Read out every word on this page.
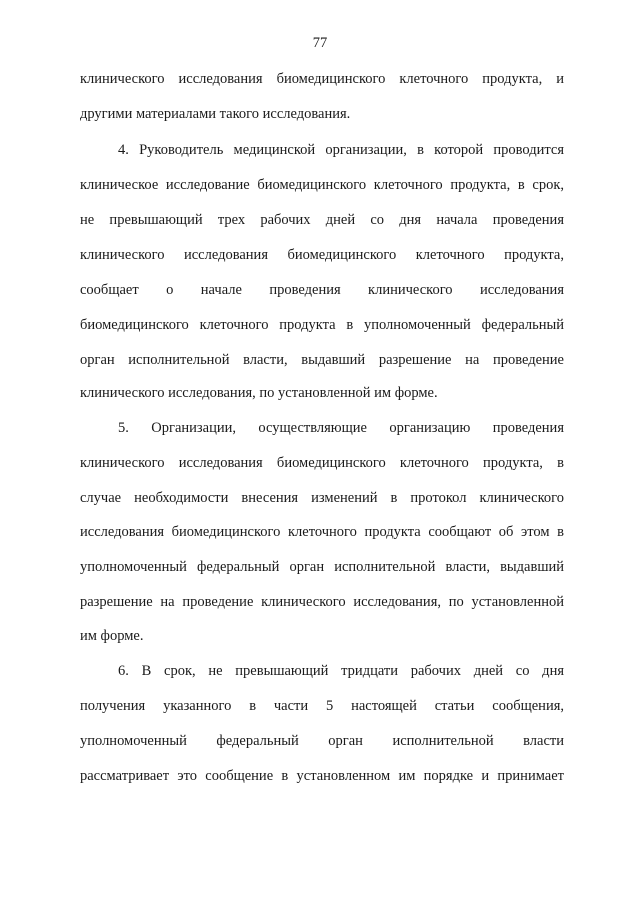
77
клинического исследования биомедицинского клеточного продукта, и
другими материалами такого исследования.
4. Руководитель медицинской организации, в которой проводится
клиническое исследование биомедицинского клеточного продукта, в срок,
не превышающий трех рабочих дней со дня начала проведения
клинического исследования биомедицинского клеточного продукта,
сообщает о начале проведения клинического исследования
биомедицинского клеточного продукта в уполномоченный федеральный
орган исполнительной власти, выдавший разрешение на проведение
клинического исследования, по установленной им форме.
5. Организации, осуществляющие организацию проведения
клинического исследования биомедицинского клеточного продукта, в
случае необходимости внесения изменений в протокол клинического
исследования биомедицинского клеточного продукта сообщают об этом в
уполномоченный федеральный орган исполнительной власти, выдавший
разрешение на проведение клинического исследования, по установленной
им форме.
6. В срок, не превышающий тридцати рабочих дней со дня
получения указанного в части 5 настоящей статьи сообщения,
уполномоченный федеральный орган исполнительной власти
рассматривает это сообщение в установленном им порядке и принимает
